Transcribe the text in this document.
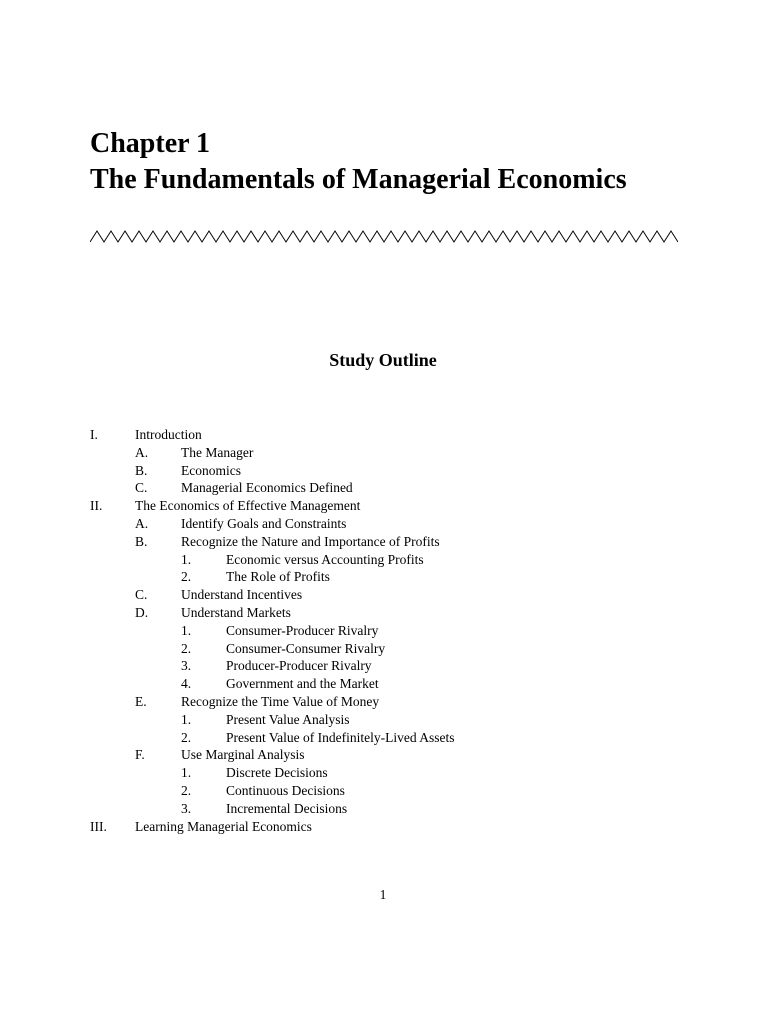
Chapter 1
The Fundamentals of Managerial Economics
Study Outline
I.	Introduction
A. The Manager
B. Economics
C. Managerial Economics Defined
II. The Economics of Effective Management
A. Identify Goals and Constraints
B. Recognize the Nature and Importance of Profits
1.	Economic versus Accounting Profits
2.	The Role of Profits
C. Understand Incentives
D. Understand Markets
1.	Consumer-Producer Rivalry
2.	Consumer-Consumer Rivalry
3.	Producer-Producer Rivalry
4.	Government and the Market
E.	Recognize the Time Value of Money
1.	Present Value Analysis
2.	Present Value of Indefinitely-Lived Assets
F.	Use Marginal Analysis
1.	Discrete Decisions
2.	Continuous Decisions
3.	Incremental Decisions
III. Learning Managerial Economics
1
